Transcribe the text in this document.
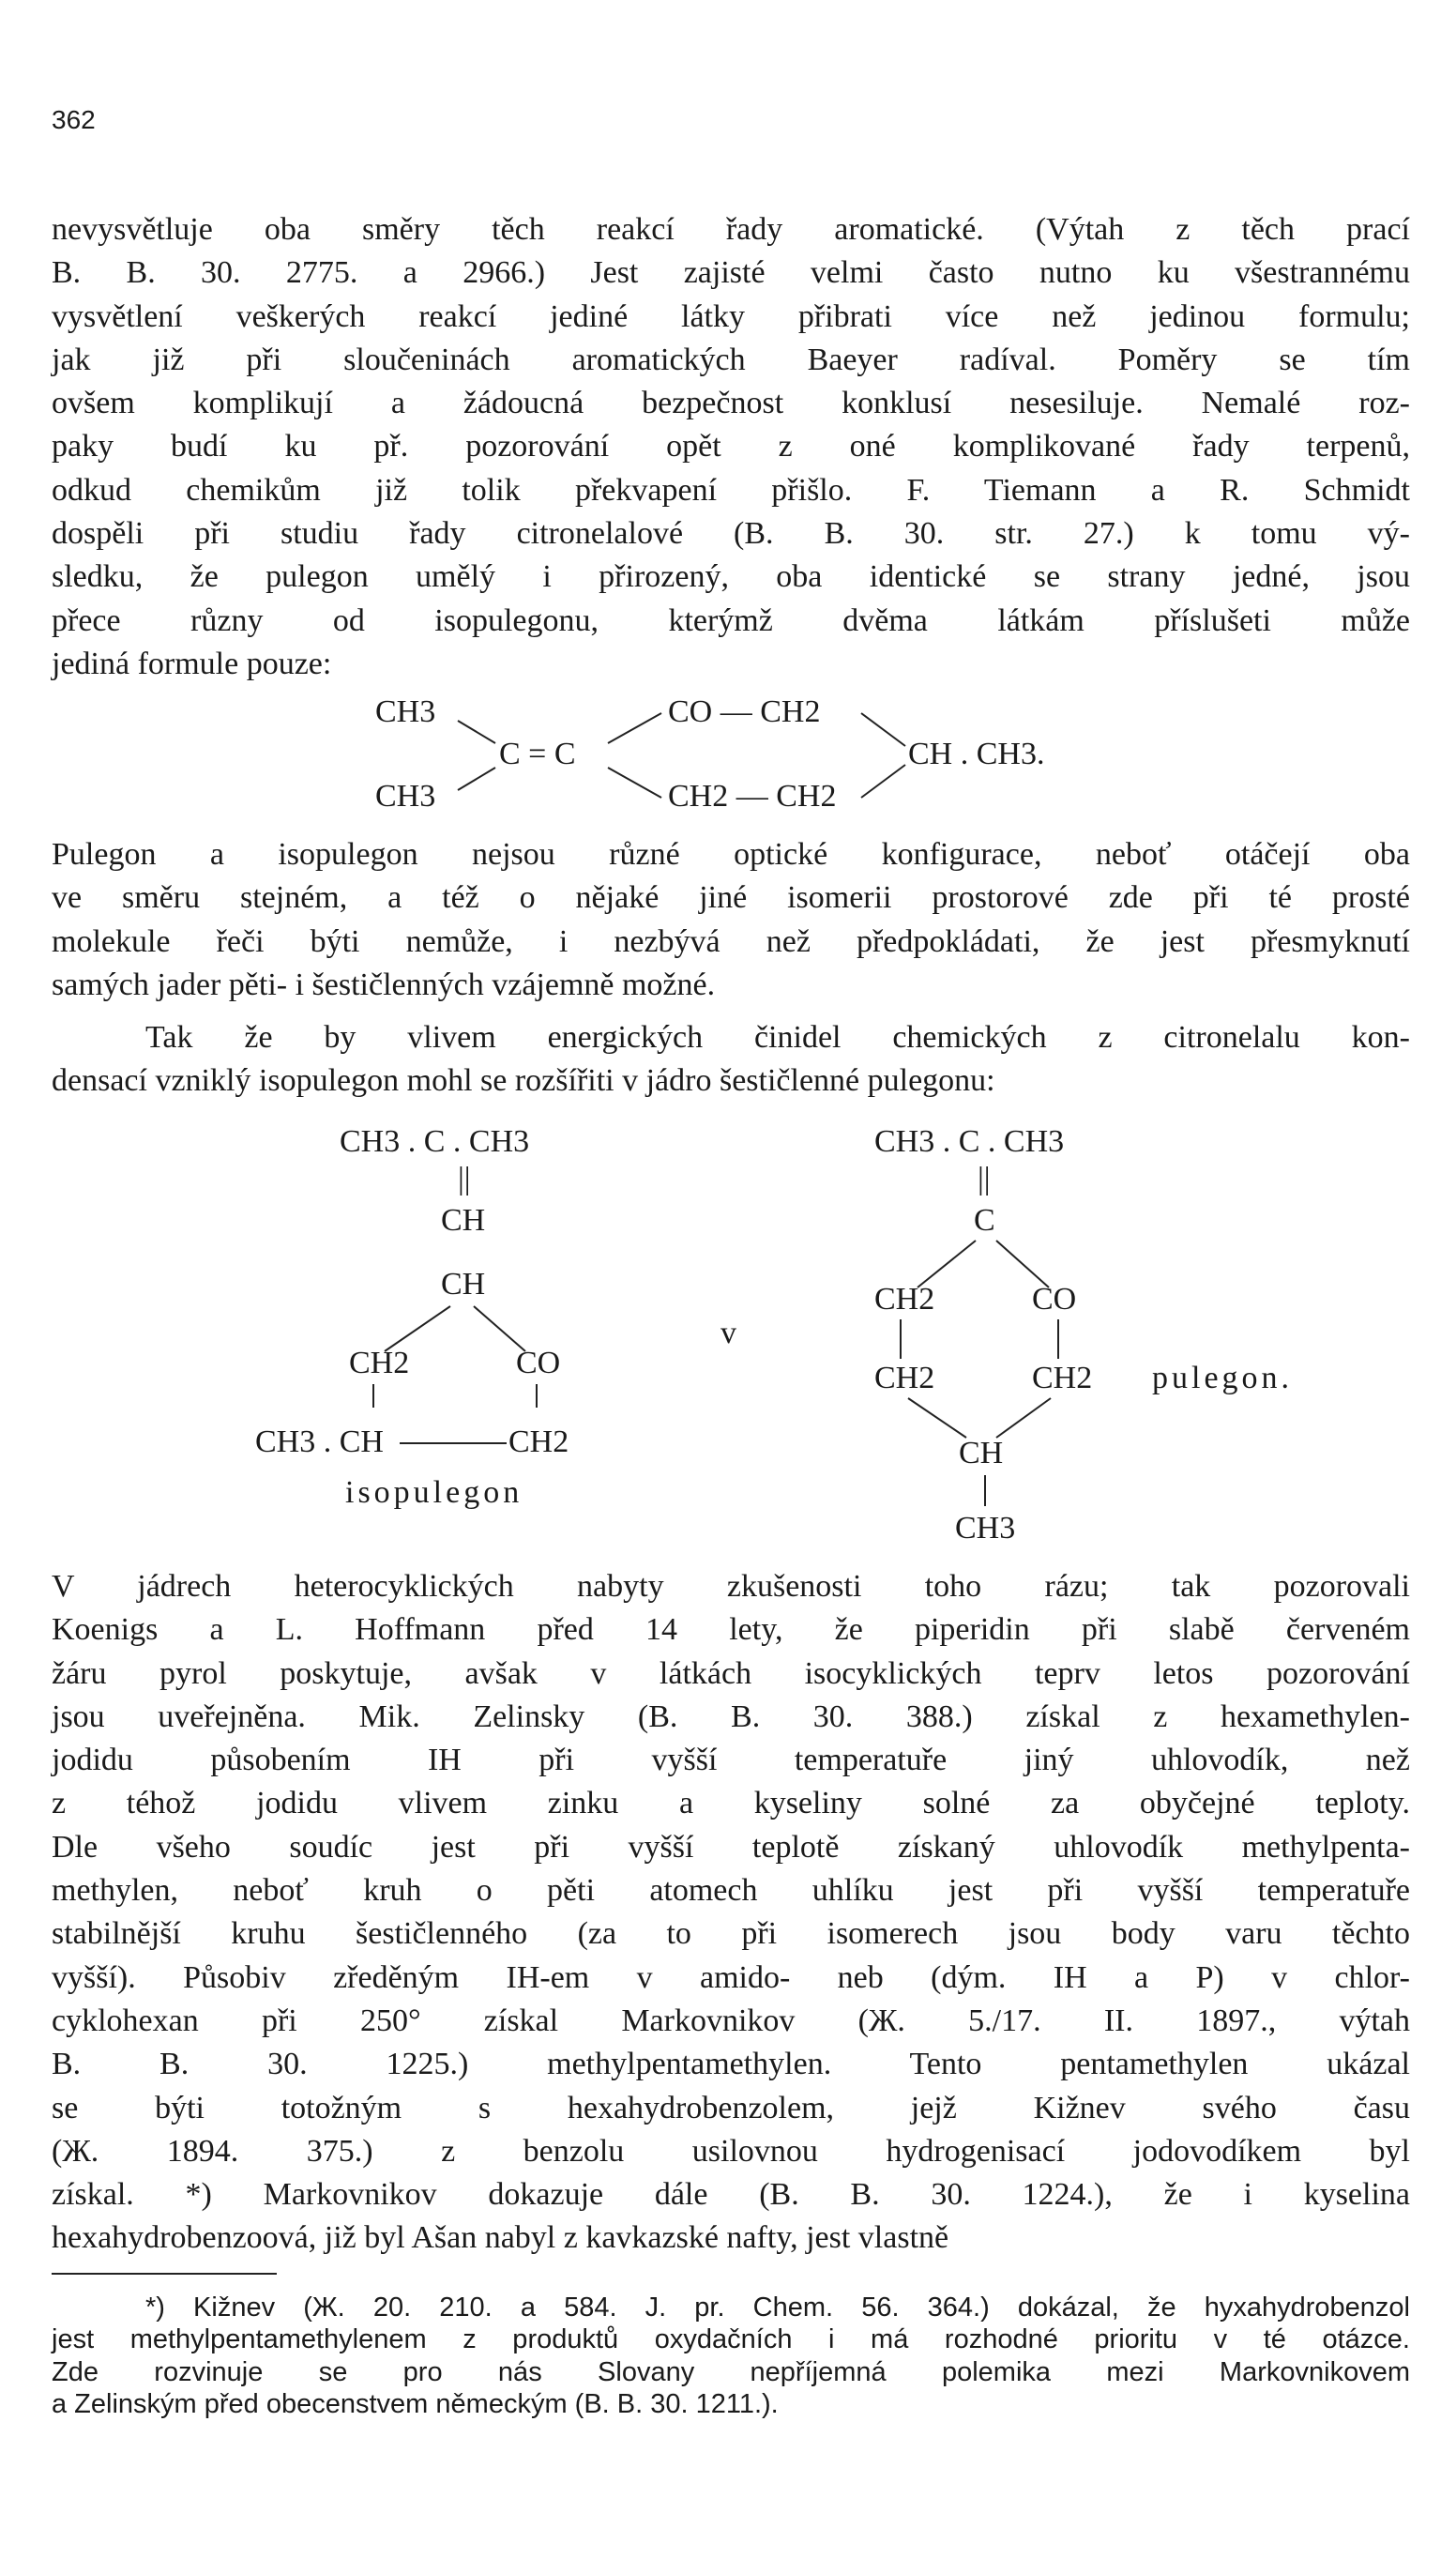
362
nevysvětluje oba směry těch reakcí řady aromatické. (Výtah z těch prací
B. B. 30. 2775. a 2966.) Jest zajisté velmi často nutno ku všestrannému
vysvětlení veškerých reakcí jediné látky přibrati více než jedinou formulu;
jak již při sloučeninách aromatických Baeyer radíval. Poměry se tím
ovšem komplikují a žádoucná bezpečnost konklusí nesesiluje. Nemalé roz-
paky budí ku př. pozorování opět z oné komplikované řady terpenů,
odkud chemikům již tolik překvapení přišlo. F. Tiemann a R. Schmidt
dospěli při studiu řady citronelalové (B. B. 30. str. 27.) k tomu vý-
sledku, že pulegon umělý i přirozený, oba identické se strany jedné, jsou
přece různy od isopulegonu, kterýmž dvěma látkám příslušeti může
jediná formule pouze:
CH3
CH3
C = C
CO — CH2
CH2 — CH2
CH . CH3.
Pulegon a isopulegon nejsou různé optické konfigurace, neboť otáčejí oba
ve směru stejném, a též o nějaké jiné isomerii prostorové zde při té prosté
molekule řeči býti nemůže, i nezbývá než předpokládati, že jest přesmyknutí
samých jader pěti- i šestičlenných vzájemně možné.
Tak že by vlivem energických činidel chemických z citronelalu kon-
densací vzniklý isopulegon mohl se rozšířiti v jádro šestičlenné pulegonu:
CH3 . C . CH3
||
CH
CH
CH2	CO
CH3 . CH	CH2
isopulegon
v
CH3 . C . CH3
||
C
CH2	CO
CH2	CH2
CH
CH3
pulegon.
V jádrech heterocyklických nabyty zkušenosti toho rázu; tak pozorovali
Koenigs a L. Hoffmann před 14 lety, že piperidin při slabě červeném
žáru pyrol poskytuje, avšak v látkách isocyklických teprv letos pozorování
jsou uveřejněna. Mik. Zelinsky (B. B. 30. 388.) získal z hexamethylen-
jodidu působením IH při vyšší temperatuře jiný uhlovodík, než
z téhož jodidu vlivem zinku a kyseliny solné za obyčejné teploty.
Dle všeho soudíc jest při vyšší teplotě získaný uhlovodík methylpenta-
methylen, neboť kruh o pěti atomech uhlíku jest při vyšší temperatuře
stabilnější kruhu šestičlenného (za to při isomerech jsou body varu těchto
vyšší). Působiv zředěným IH-em v amido- neb (dým. IH a P) v chlor-
cyklohexan při 250° získal Markovnikov (Ж. 5./17. II. 1897., výtah
B. B. 30. 1225.) methylpentamethylen. Tento pentamethylen ukázal
se býti totožným s hexahydrobenzolem, jejž Kižnev svého času
(Ж. 1894. 375.) z benzolu usilovnou hydrogenisací jodovodíkem byl
získal. *) Markovnikov dokazuje dále (B. B. 30. 1224.), že i kyselina
hexahydrobenzoová, již byl Ašan nabyl z kavkazské nafty, jest vlastně
*) Kižnev (Ж. 20. 210. a 584. J. pr. Chem. 56. 364.) dokázal, že hyxahydrobenzol
jest methylpentamethylenem z produktů oxydačních i má rozhodné prioritu v té otázce.
Zde rozvinuje se pro nás Slovany nepříjemná polemika mezi Markovnikovem
a Zelinským před obecenstvem německým (B. B. 30. 1211.).
